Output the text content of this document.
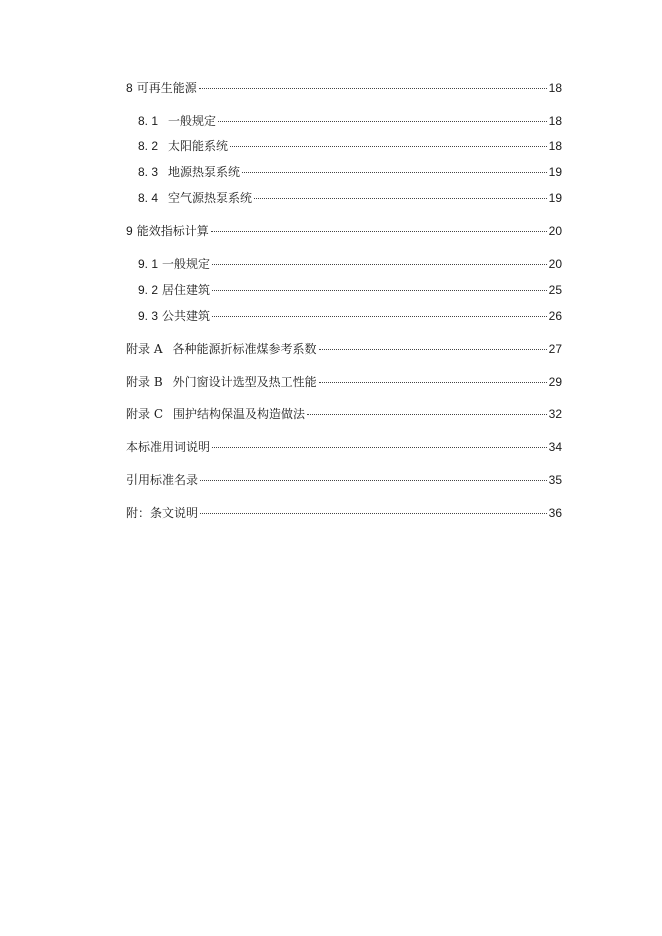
8 可再生能源	18
8. 1 一般规定	18
8. 2 太阳能系统	18
8. 3 地源热泵系统	19
8. 4 空气源热泵系统	19
9 能效指标计算	20
9. 1 一般规定	20
9. 2 居住建筑	25
9. 3 公共建筑	26
附录 A 各种能源折标准煤参考系数	27
附录 B 外门窗设计选型及热工性能	29
附录 C 围护结构保温及构造做法	32
本标准用词说明	34
引用标准名录	35
附：条文说明	36
